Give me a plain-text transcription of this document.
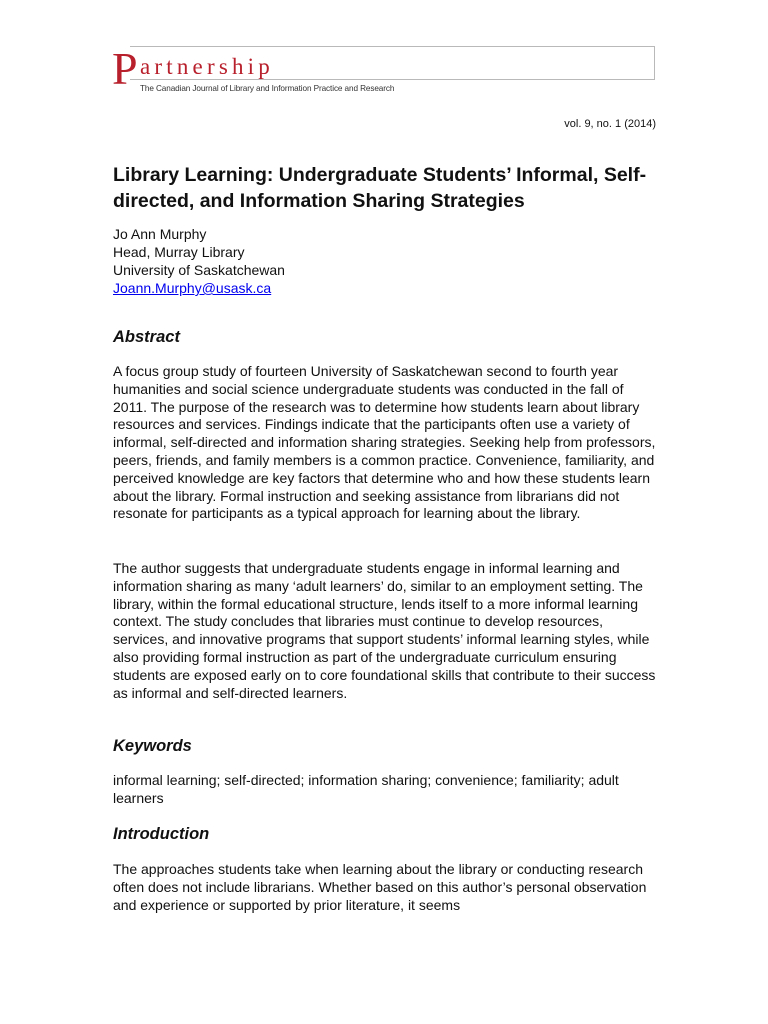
P artnership
The Canadian Journal of Library and Information Practice and Research
vol. 9, no. 1 (2014)
Library Learning: Undergraduate Students’ Informal, Self-directed, and Information Sharing Strategies
Jo Ann Murphy
Head, Murray Library
University of Saskatchewan
Joann.Murphy@usask.ca
Abstract

A focus group study of fourteen University of Saskatchewan second to fourth year humanities and social science undergraduate students was conducted in the fall of 2011. The purpose of the research was to determine how students learn about library resources and services. Findings indicate that the participants often use a variety of informal, self-directed and information sharing strategies. Seeking help from professors, peers, friends, and family members is a common practice. Convenience, familiarity, and perceived knowledge are key factors that determine who and how these students learn about the library. Formal instruction and seeking assistance from librarians did not resonate for participants as a typical approach for learning about the library.

The author suggests that undergraduate students engage in informal learning and information sharing as many ‘adult learners’ do, similar to an employment setting. The library, within the formal educational structure, lends itself to a more informal learning context. The study concludes that libraries must continue to develop resources, services, and innovative programs that support students’ informal learning styles, while also providing formal instruction as part of the undergraduate curriculum ensuring students are exposed early on to core foundational skills that contribute to their success as informal and self-directed learners.

Keywords

informal learning; self-directed; information sharing; convenience; familiarity; adult learners

Introduction

The approaches students take when learning about the library or conducting research often does not include librarians. Whether based on this author’s personal observation and experience or supported by prior literature, it seems
